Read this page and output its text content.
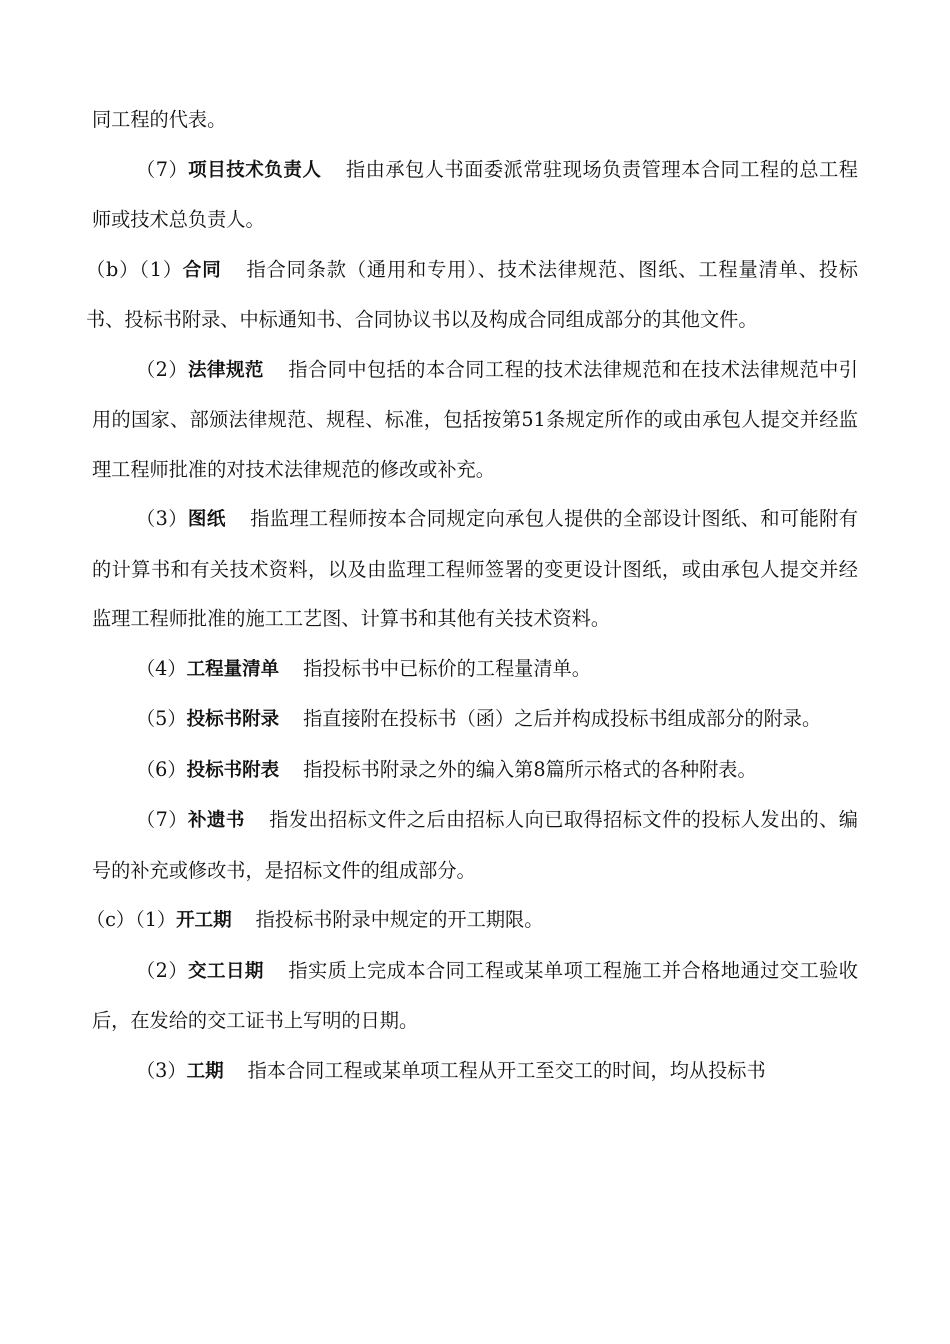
同工程的代表。

（7）项目技术负责人 指由承包人书面委派常驻现场负责管理本合同工程的总工程师或技术总负责人。

（b）（1）合同 指合同条款（通用和专用）、技术法律规范、图纸、工程量清单、投标书、投标书附录、中标通知书、合同协议书以及构成合同组成部分的其他文件。

（2）法律规范 指合同中包括的本合同工程的技术法律规范和在技术法律规范中引用的国家、部颁法律规范、规程、标准，包括按第51条规定所作的或由承包人提交并经监理工程师批准的对技术法律规范的修改或补充。

（3）图纸 指监理工程师按本合同规定向承包人提供的全部设计图纸、和可能附有的计算书和有关技术资料，以及由监理工程师签署的变更设计图纸，或由承包人提交并经监理工程师批准的施工工艺图、计算书和其他有关技术资料。

（4）工程量清单 指投标书中已标价的工程量清单。

（5）投标书附录 指直接附在投标书（函）之后并构成投标书组成部分的附录。

（6）投标书附表 指投标书附录之外的编入第8篇所示格式的各种附表。

（7）补遗书 指发出招标文件之后由招标人向已取得招标文件的投标人发出的、编号的补充或修改书，是招标文件的组成部分。

（c）（1）开工期 指投标书附录中规定的开工期限。

（2）交工日期 指实质上完成本合同工程或某单项工程施工并合格地通过交工验收后，在发给的交工证书上写明的日期。

（3）工期 指本合同工程或某单项工程从开工至交工的时间，均从投标书
